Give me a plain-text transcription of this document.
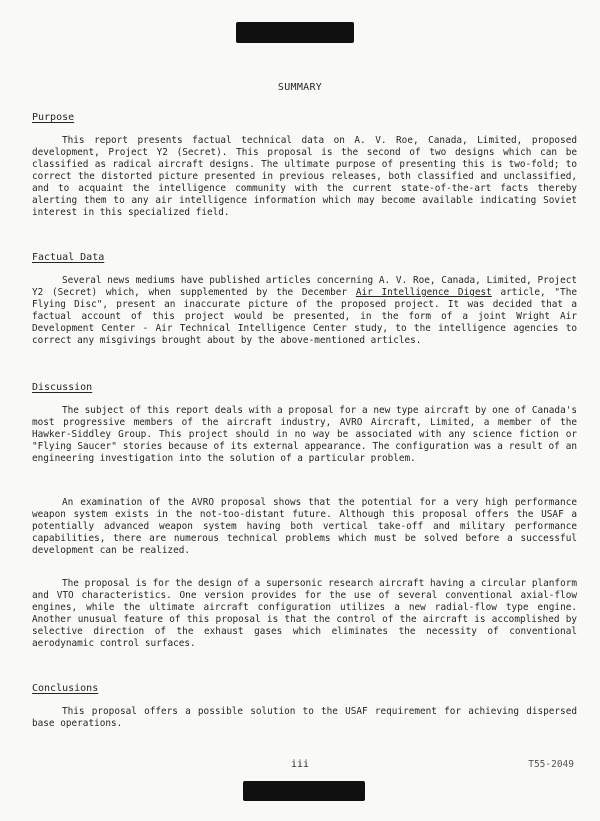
SUMMARY
Purpose
This report presents factual technical data on A. V. Roe, Canada, Limited, proposed development, Project Y2 (Secret). This proposal is the second of two designs which can be classified as radical aircraft designs. The ultimate purpose of presenting this is two-fold; to correct the distorted picture presented in previous releases, both classified and unclassified, and to acquaint the intelligence community with the current state-of-the-art facts thereby alerting them to any air intelligence information which may become available indicating Soviet interest in this specialized field.
Factual Data
Several news mediums have published articles concerning A. V. Roe, Canada, Limited, Project Y2 (Secret) which, when supplemented by the December Air Intelligence Digest article, "The Flying Disc", present an inaccurate picture of the proposed project. It was decided that a factual account of this project would be presented, in the form of a joint Wright Air Development Center - Air Technical Intelligence Center study, to the intelligence agencies to correct any misgivings brought about by the above-mentioned articles.
Discussion
The subject of this report deals with a proposal for a new type aircraft by one of Canada's most progressive members of the aircraft industry, AVRO Aircraft, Limited, a member of the Hawker-Siddley Group. This project should in no way be associated with any science fiction or "Flying Saucer" stories because of its external appearance. The configuration was a result of an engineering investigation into the solution of a particular problem.
An examination of the AVRO proposal shows that the potential for a very high performance weapon system exists in the not-too-distant future. Although this proposal offers the USAF a potentially advanced weapon system having both vertical take-off and military performance capabilities, there are numerous technical problems which must be solved before a successful development can be realized.
The proposal is for the design of a supersonic research aircraft having a circular planform and VTO characteristics. One version provides for the use of several conventional axial-flow engines, while the ultimate aircraft configuration utilizes a new radial-flow type engine. Another unusual feature of this proposal is that the control of the aircraft is accomplished by selective direction of the exhaust gases which eliminates the necessity of conventional aerodynamic control surfaces.
Conclusions
This proposal offers a possible solution to the USAF requirement for achieving dispersed base operations.
iii	T55-2049
